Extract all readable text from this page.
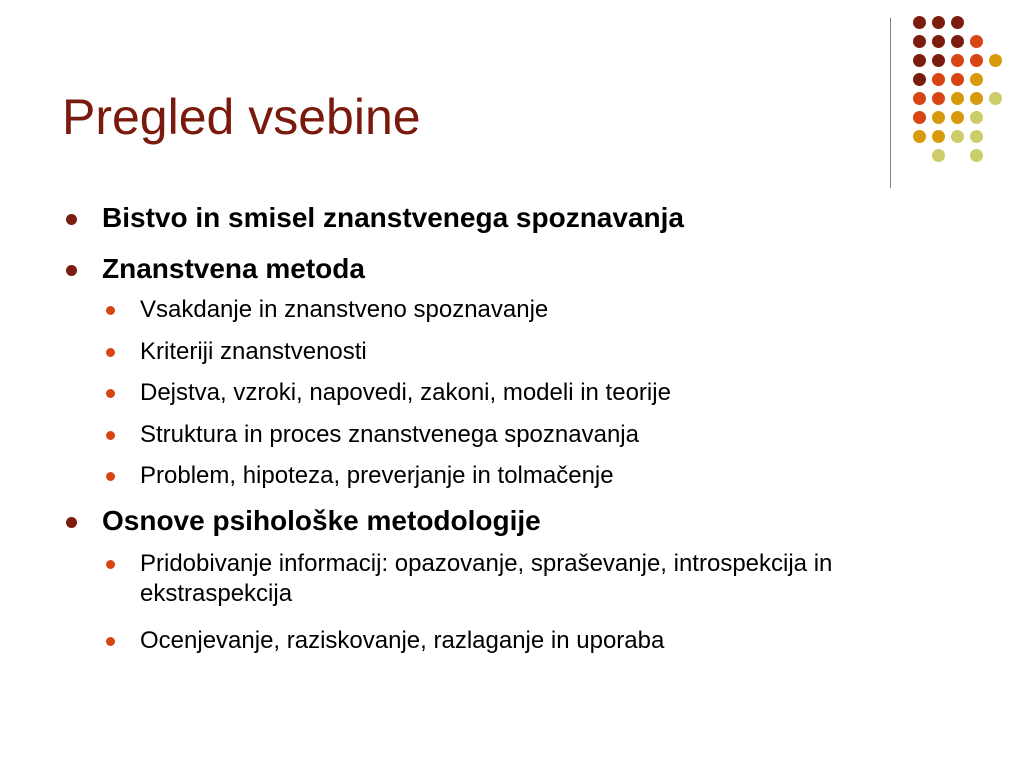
Pregled vsebine
Bistvo in smisel znanstvenega spoznavanja
Znanstvena metoda
Vsakdanje in znanstveno spoznavanje
Kriteriji znanstvenosti
Dejstva, vzroki, napovedi, zakoni, modeli in teorije
Struktura in proces znanstvenega spoznavanja
Problem, hipoteza, preverjanje in tolmačenje
Osnove psihološke metodologije
Pridobivanje informacij: opazovanje, spraševanje, introspekcija in ekstraspekcija
Ocenjevanje, raziskovanje, razlaganje in uporaba
